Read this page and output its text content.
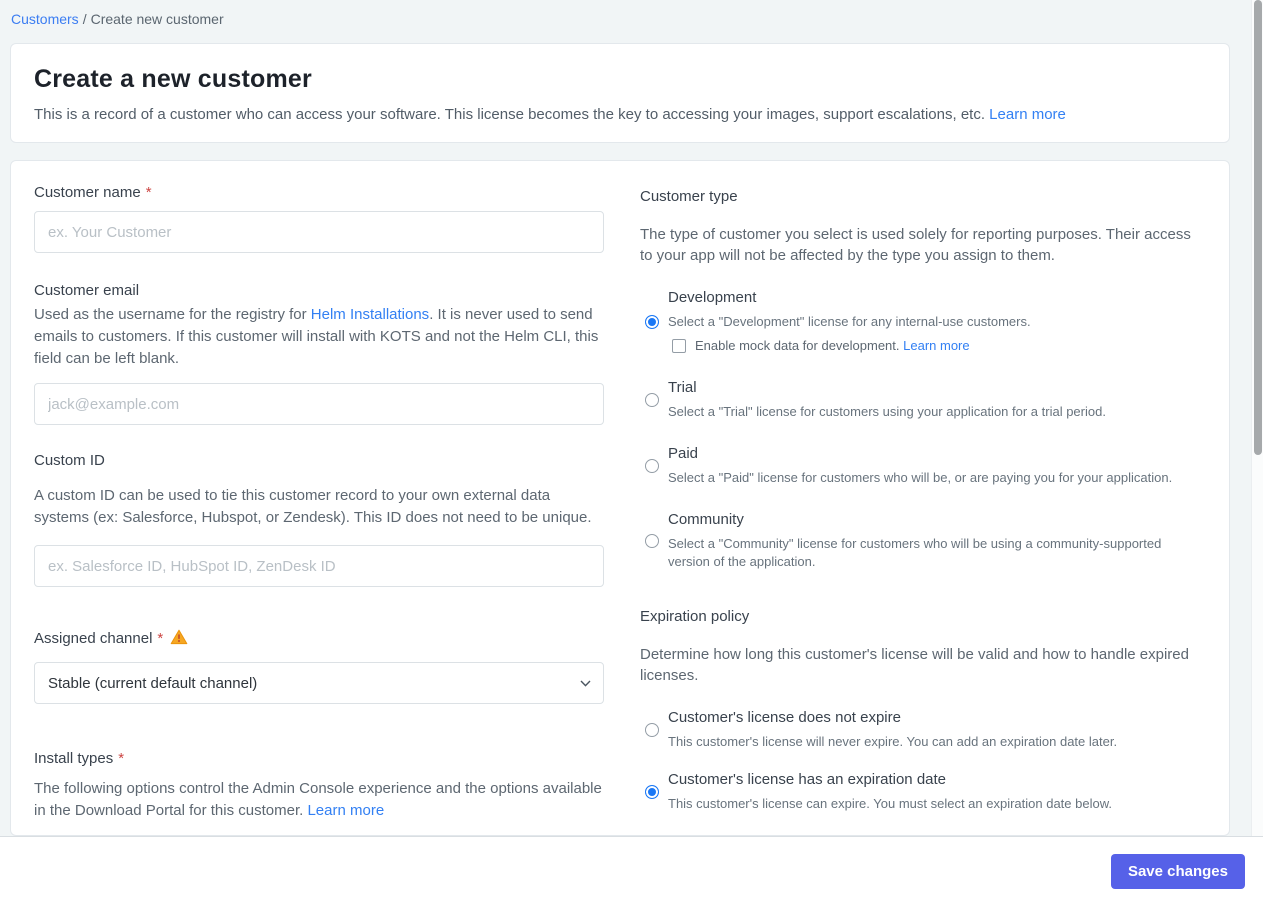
Customers / Create new customer
Create a new customer

This is a record of a customer who can access your software. This license becomes the key to accessing your images, support escalations, etc. Learn more

Customer name *
ex. Your Customer
Customer email

Used as the username for the registry for Helm Installations. It is never used to send emails to customers. If this customer will install with KOTS and not the Helm CLI, this field can be left blank.

jack@example.com
Custom ID

A custom ID can be used to tie this customer record to your own external data systems (ex: Salesforce, Hubspot, or Zendesk). This ID does not need to be unique.

ex. Salesforce ID, HubSpot ID, ZenDesk ID
Assigned channel *
Stable (current default channel)
Install types *

The following options control the Admin Console experience and the options available in the Download Portal for this customer. Learn more

Customer type

The type of customer you select is used solely for reporting purposes. Their access to your app will not be affected by the type you assign to them.

Development
Select a "Development" license for any internal-use customers.
Enable mock data for development. Learn more
Trial
Select a "Trial" license for customers using your application for a trial period.
Paid
Select a "Paid" license for customers who will be, or are paying you for your application.
Community
Select a "Community" license for customers who will be using a community-supported version of the application.
Expiration policy

Determine how long this customer's license will be valid and how to handle expired licenses.

Customer's license does not expire
This customer's license will never expire. You can add an expiration date later.
Customer's license has an expiration date
This customer's license can expire. You must select an expiration date below.
Save changes
